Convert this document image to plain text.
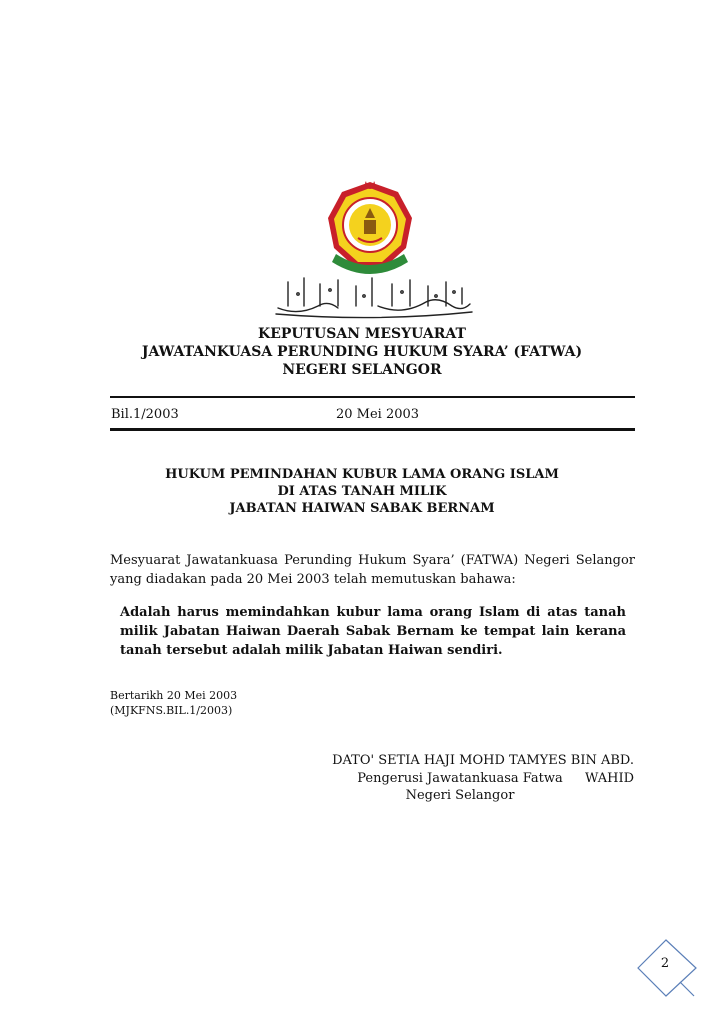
KEPUTUSAN MESYUARAT
JAWATANKUASA PERUNDING HUKUM SYARA’ (FATWA)
NEGERI SELANGOR
Bil.1/2003	20 Mei 2003
HUKUM PEMINDAHAN KUBUR LAMA ORANG ISLAM
DI ATAS TANAH MILIK
JABATAN HAIWAN SABAK BERNAM
Mesyuarat Jawatankuasa Perunding Hukum Syara’ (FATWA) Negeri Selangor yang diadakan pada 20 Mei 2003 telah memutuskan bahawa:
Adalah harus memindahkan kubur lama orang Islam di atas tanah milik Jabatan Haiwan Daerah Sabak Bernam ke tempat lain kerana tanah tersebut adalah milik Jabatan Haiwan sendiri.
Bertarikh 20 Mei 2003
(MJKFNS.BIL.1/2003)
DATO' SETIA HAJI MOHD TAMYES BIN ABD. WAHID
Pengerusi Jawatankuasa Fatwa
Negeri Selangor
2
